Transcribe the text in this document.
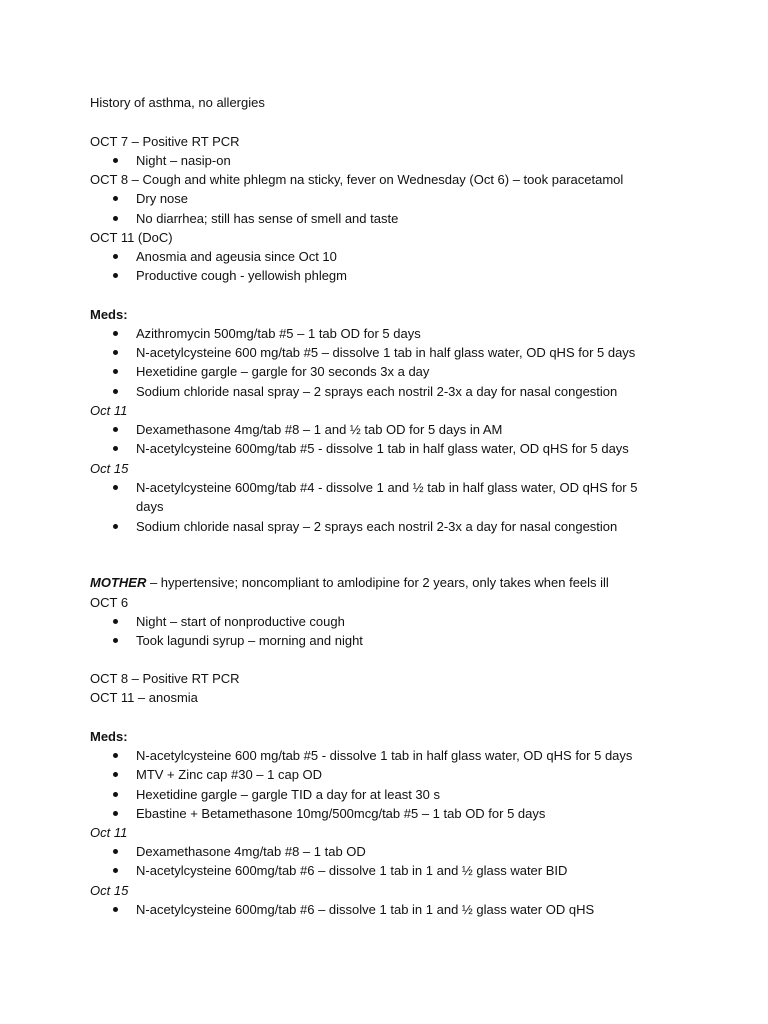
History of asthma, no allergies
OCT 7 – Positive RT PCR
Night – nasip-on
OCT 8 – Cough and white phlegm na sticky, fever on Wednesday (Oct 6) – took paracetamol
Dry nose
No diarrhea; still has sense of smell and taste
OCT 11 (DoC)
Anosmia and ageusia since Oct 10
Productive cough - yellowish phlegm
Meds:
Azithromycin 500mg/tab #5 – 1 tab OD for 5 days
N-acetylcysteine 600 mg/tab #5 – dissolve 1 tab in half glass water, OD qHS for 5 days
Hexetidine gargle – gargle for 30 seconds 3x a day
Sodium chloride nasal spray – 2 sprays each nostril 2-3x a day for nasal congestion
Oct 11
Dexamethasone 4mg/tab #8 – 1 and ½ tab OD for 5 days in AM
N-acetylcysteine 600mg/tab #5 - dissolve 1 tab in half glass water, OD qHS for 5 days
Oct 15
N-acetylcysteine 600mg/tab #4 - dissolve 1 and ½ tab in half glass water, OD qHS for 5
days
Sodium chloride nasal spray – 2 sprays each nostril 2-3x a day for nasal congestion
MOTHER – hypertensive; noncompliant to amlodipine for 2 years, only takes when feels ill
OCT 6
Night – start of nonproductive cough
Took lagundi syrup – morning and night
OCT 8 – Positive RT PCR
OCT 11 – anosmia
Meds:
N-acetylcysteine 600 mg/tab #5 - dissolve 1 tab in half glass water, OD qHS for 5 days
MTV + Zinc cap #30 – 1 cap OD
Hexetidine gargle – gargle TID a day for at least 30 s
Ebastine + Betamethasone 10mg/500mcg/tab #5 – 1 tab OD for 5 days
Oct 11
Dexamethasone 4mg/tab #8 – 1 tab OD
N-acetylcysteine 600mg/tab #6 – dissolve 1 tab in 1 and ½ glass water BID
Oct 15
N-acetylcysteine 600mg/tab #6 – dissolve 1 tab in 1 and ½ glass water OD qHS
